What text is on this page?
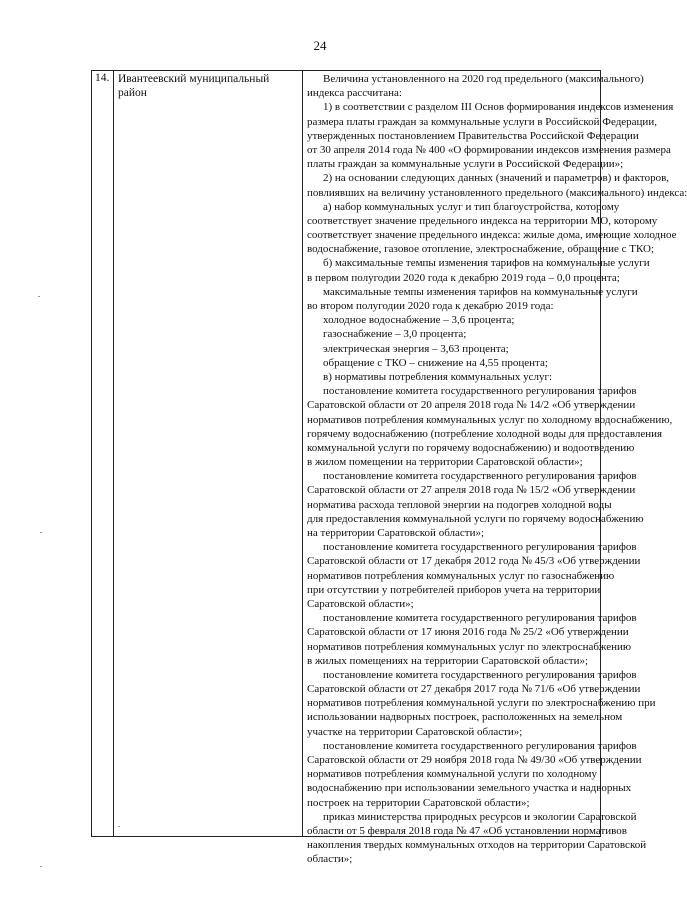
24
14. Ивантеевский муниципальный район
Величина установленного на 2020 год предельного (максимального)
индекса рассчитана:
1) в соответствии с разделом III Основ формирования индексов изменения
размера платы граждан за коммунальные услуги в Российской Федерации,
утвержденных постановлением Правительства Российской Федерации
от 30 апреля 2014 года № 400 «О формировании индексов изменения размера
платы граждан за коммунальные услуги в Российской Федерации»;
2) на основании следующих данных (значений и параметров) и факторов,
повлиявших на величину установленного предельного (максимального) индекса:
а) набор коммунальных услуг и тип благоустройства, которому
соответствует значение предельного индекса на территории МО, которому
соответствует значение предельного индекса: жилые дома, имеющие холодное
водоснабжение, газовое отопление, электроснабжение, обращение с ТКО;
б) максимальные темпы изменения тарифов на коммунальные услуги
в первом полугодии 2020 года к декабрю 2019 года – 0,0 процента;
максимальные темпы изменения тарифов на коммунальные услуги
во втором полугодии 2020 года к декабрю 2019 года:
холодное водоснабжение – 3,6 процента;
газоснабжение – 3,0 процента;
электрическая энергия – 3,63 процента;
обращение с ТКО – снижение на 4,55 процента;
в) нормативы потребления коммунальных услуг:
постановление комитета государственного регулирования тарифов
Саратовской области от 20 апреля 2018 года № 14/2 «Об утверждении
нормативов потребления коммунальных услуг по холодному водоснабжению,
горячему водоснабжению (потребление холодной воды для предоставления
коммунальной услуги по горячему водоснабжению) и водоотведению
в жилом помещении на территории Саратовской области»;
постановление комитета государственного регулирования тарифов
Саратовской области от 27 апреля 2018 года № 15/2 «Об утверждении
норматива расхода тепловой энергии на подогрев холодной воды
для предоставления коммунальной услуги по горячему водоснабжению
на территории Саратовской области»;
постановление комитета государственного регулирования тарифов
Саратовской области от 17 декабря 2012 года № 45/3 «Об утверждении
нормативов потребления коммунальных услуг по газоснабжению
при отсутствии у потребителей приборов учета на территории
Саратовской области»;
постановление комитета государственного регулирования тарифов
Саратовской области от 17 июня 2016 года № 25/2 «Об утверждении
нормативов потребления коммунальных услуг по электроснабжению
в жилых помещениях на территории Саратовской области»;
постановление комитета государственного регулирования тарифов
Саратовской области от 27 декабря 2017 года № 71/6 «Об утверждении
нормативов потребления коммунальной услуги по электроснабжению при
использовании надворных построек, расположенных на земельном
участке на территории Саратовской области»;
постановление комитета государственного регулирования тарифов
Саратовской области от 29 ноября 2018 года № 49/30 «Об утверждении
нормативов потребления коммунальной услуги по холодному
водоснабжению при использовании земельного участка и надворных
построек на территории Саратовской области»;
приказ министерства природных ресурсов и экологии Саратовской
области от 5 февраля 2018 года № 47 «Об установлении нормативов
накопления твердых коммунальных отходов на территории Саратовской
области»;
